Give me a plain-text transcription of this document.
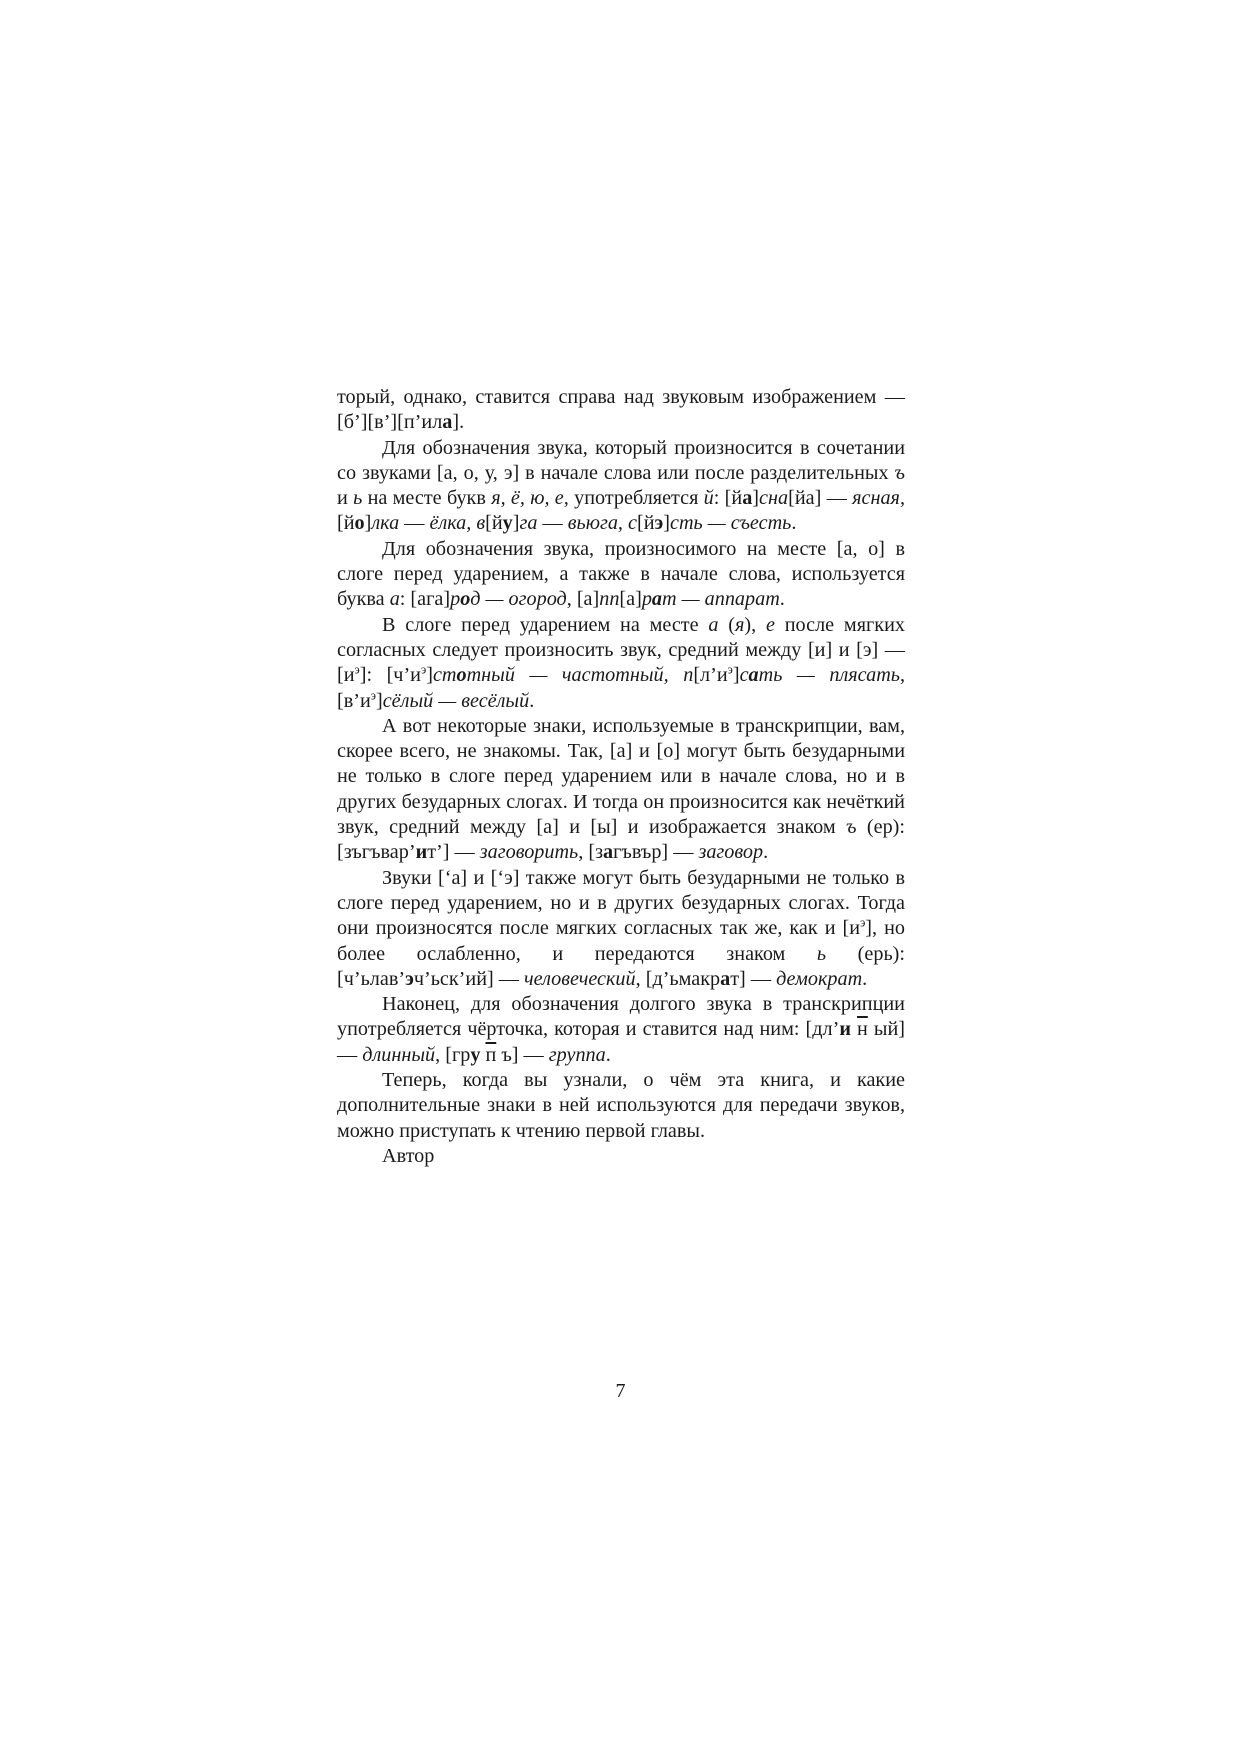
торый, однако, ставится справа над звуковым изображением — [б’][в’][п’ила].

Для обозначения звука, который произносится в сочетании со звуками [а, о, у, э] в начале слова или после разделительных ъ и ь на месте букв я, ё, ю, е, употребляется й: [йа]сна[йа] — ясная, [йо]лка — ёлка, в[йу]га — вьюга, с[йэ]сть — съесть.

Для обозначения звука, произносимого на месте [а, о] в слоге перед ударением, а также в начале слова, используется буква а: [ага]род — огород, [а]пп[а]рат — аппарат.

В слоге перед ударением на месте а (я), е после мягких согласных следует произносить звук, средний между [и] и [э] — $[и^э]$: $[ч’и^э]стотный$ — частотный, $п[л’и^э]сать$ — плясать, $[в’и^э]сёлый$ — весёлый.

А вот некоторые знаки, используемые в транскрипции, вам, скорее всего, не знакомы. Так, [а] и [о] могут быть безударными не только в слоге перед ударением или в начале слова, но и в других безударных слогах. И тогда он произносится как нечёткий звук, средний между [а] и [ы] и изображается знаком ъ (ер): [зъгъвар’ит’] — заговорить, [загъвър] — заговор.

Звуки [‘а] и [‘э] также могут быть безударными не только в слоге перед ударением, но и в других безударных слогах. Тогда они произносятся после мягких согласных так же, как и $[и^э]$, но более ослабленно, и передаются знаком ь (ерь): [ч’ьлав’эч’ьск’ий] — человеческий, [д’ьмакрат] — демократ.

Наконец, для обозначения долгого звука в транскрипции употребляется чёрточка, которая и ставится над ним: [дл’и н ый] — длинный, [гру п ъ] — группа.

Теперь, когда вы узнали, о чём эта книга, и какие дополнительные знаки в ней используются для передачи звуков, можно приступать к чтению первой главы.

Автор

7
